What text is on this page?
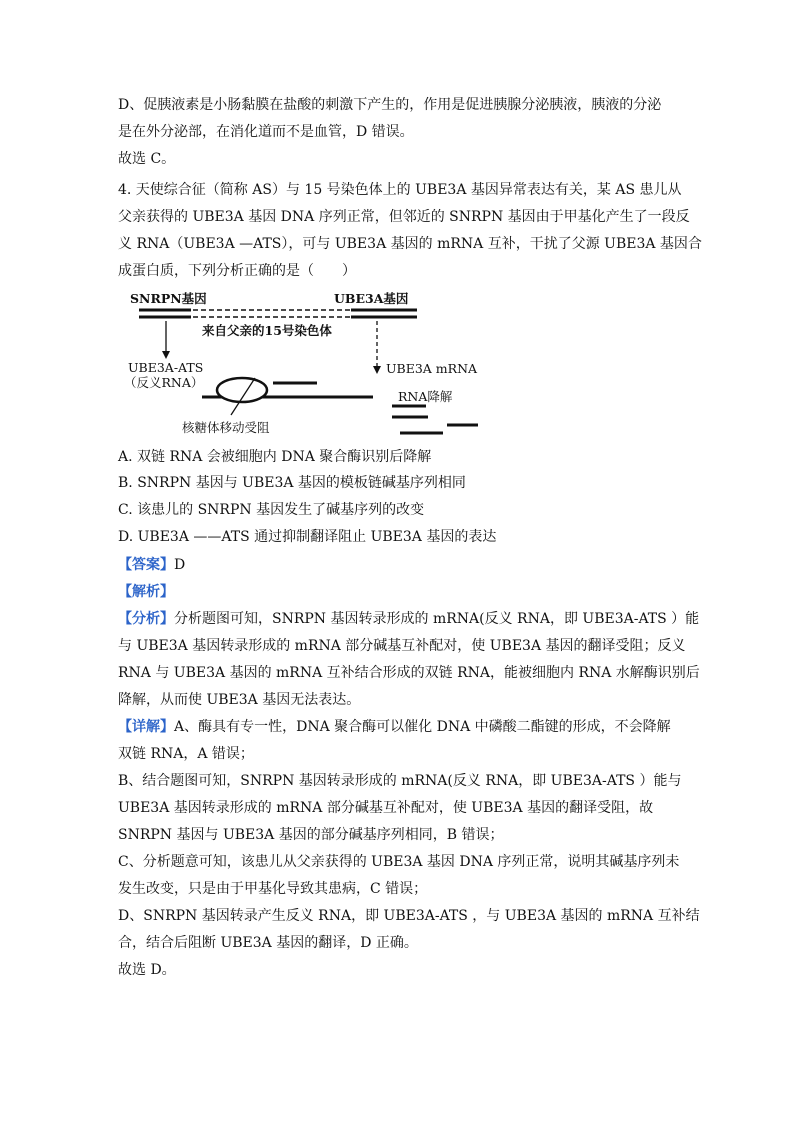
D、促胰液素是小肠黏膜在盐酸的刺激下产生的，作用是促进胰腺分泌胰液，胰液的分泌
是在外分泌部，在消化道而不是血管，D 错误。
故选 C。
4. 天使综合征（简称 AS）与 15 号染色体上的 UBE3A 基因异常表达有关，某 AS 患儿从
父亲获得的 UBE3A 基因 DNA 序列正常，但邻近的 SNRPN 基因由于甲基化产生了一段反
义 RNA（UBE3A —ATS），可与 UBE3A 基因的 mRNA 互补，干扰了父源 UBE3A 基因合
成蛋白质，下列分析正确的是（　　）
SNRPN基因	UBE3A基因
来自父亲的15号染色体
UBE3A-ATS
（反义RNA）
UBE3A mRNA
核糖体移动受阻
RNA降解
A. 双链 RNA 会被细胞内 DNA 聚合酶识别后降解
B. SNRPN 基因与 UBE3A 基因的模板链碱基序列相同
C. 该患儿的 SNRPN 基因发生了碱基序列的改变
D. UBE3A ——ATS 通过抑制翻译阻止 UBE3A 基因的表达
【答案】D
【解析】
【分析】分析题图可知，SNRPN 基因转录形成的 mRNA(反义 RNA，即 UBE3A-ATS ）能
与 UBE3A 基因转录形成的 mRNA 部分碱基互补配对，使 UBE3A 基因的翻译受阻；反义
RNA 与 UBE3A 基因的 mRNA 互补结合形成的双链 RNA，能被细胞内 RNA 水解酶识别后
降解，从而使 UBE3A 基因无法表达。
【详解】A、酶具有专一性，DNA 聚合酶可以催化 DNA 中磷酸二酯键的形成，不会降解
双链 RNA，A 错误；
B、结合题图可知，SNRPN 基因转录形成的 mRNA(反义 RNA，即 UBE3A-ATS ）能与
UBE3A 基因转录形成的 mRNA 部分碱基互补配对，使 UBE3A 基因的翻译受阻，故
SNRPN 基因与 UBE3A 基因的部分碱基序列相同，B 错误；
C、分析题意可知，该患儿从父亲获得的 UBE3A 基因 DNA 序列正常，说明其碱基序列未
发生改变，只是由于甲基化导致其患病，C 错误；
D、SNRPN 基因转录产生反义 RNA，即 UBE3A-ATS ，与 UBE3A 基因的 mRNA 互补结
合，结合后阻断 UBE3A 基因的翻译，D 正确。
故选 D。
